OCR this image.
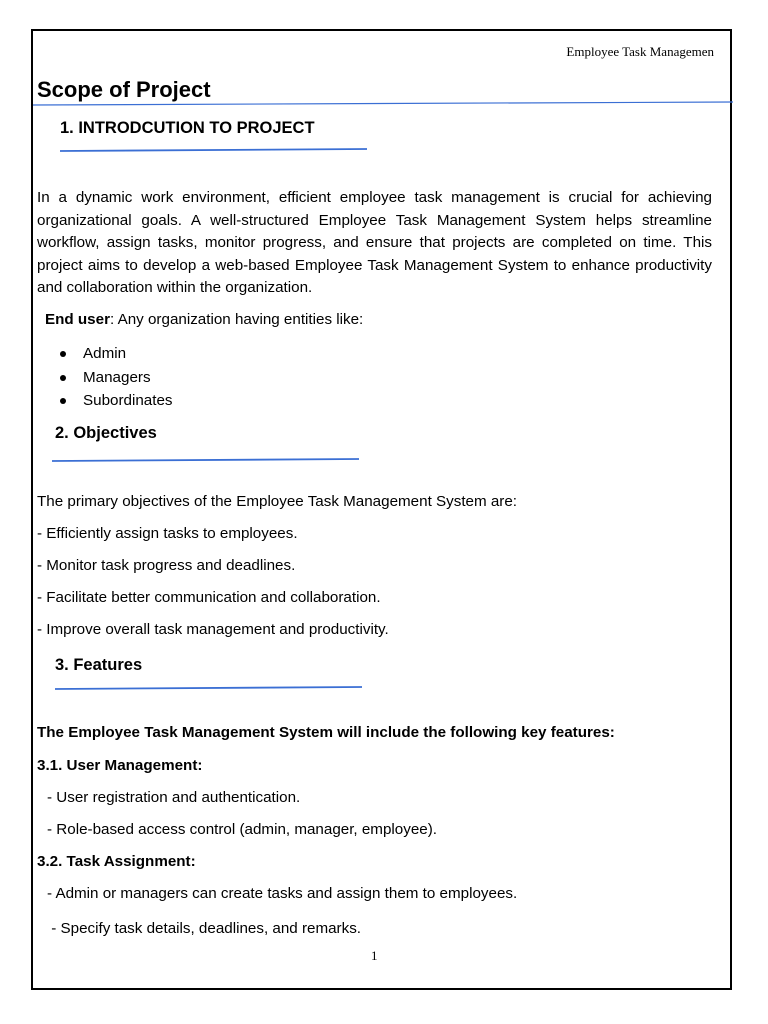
Employee Task Managemen
Scope of Project
1. INTRODCUTION TO PROJECT
In a dynamic work environment, efficient employee task management is crucial for achieving organizational goals. A well-structured Employee Task Management System helps streamline workflow, assign tasks, monitor progress, and ensure that projects are completed on time. This project aims to develop a web-based Employee Task Management System to enhance productivity and collaboration within the organization.
End user: Any organization having entities like:
Admin
Managers
Subordinates
2. Objectives
The primary objectives of the Employee Task Management System are:
- Efficiently assign tasks to employees.
- Monitor task progress and deadlines.
- Facilitate better communication and collaboration.
- Improve overall task management and productivity.
3. Features
The Employee Task Management System will include the following key features:
3.1. User Management:
- User registration and authentication.
- Role-based access control (admin, manager, employee).
3.2. Task Assignment:
- Admin or managers can create tasks and assign them to employees.
- Specify task details, deadlines, and remarks.
1
